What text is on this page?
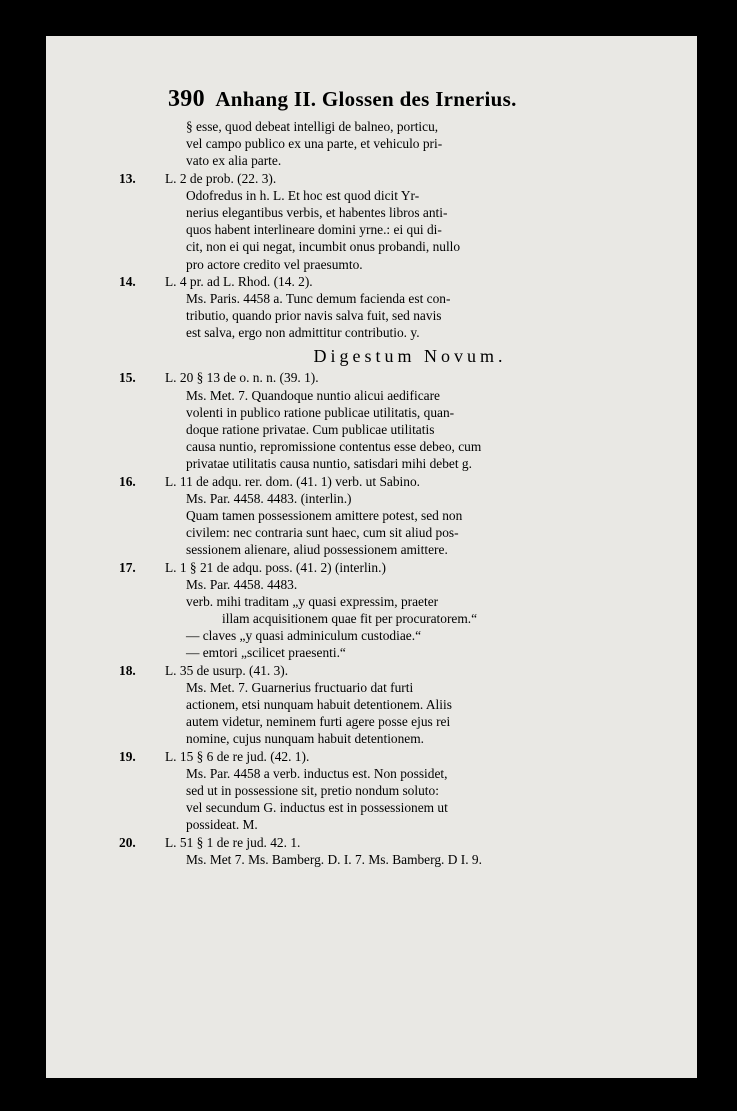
390 Anhang II. Glossen des Irnerius.
§ esse, quod debeat intelligi de balneo, porticu,
vel campo publico ex una parte, et vehiculo pri-
vato ex alia parte.
13. L. 2 de prob. (22. 3).
Odofredus in h. L. Et hoc est quod dicit Yr-
nerius elegantibus verbis, et habentes libros anti-
quos habent interlineare domini yrne.: ei qui di-
cit, non ei qui negat, incumbit onus probandi, nullo
pro actore credito vel praesumto.
14. L. 4 pr. ad L. Rhod. (14. 2).
Ms. Paris. 4458 a. Tunc demum facienda est con-
tributio, quando prior navis salva fuit, sed navis
est salva, ergo non admittitur contributio. y.
Digestum Novum.
15. L. 20 § 13 de o. n. n. (39. 1).
Ms. Met. 7. Quandoque nuntio alicui aedificare
volenti in publico ratione publicae utilitatis, quan-
doque ratione privatae. Cum publicae utilitatis
causa nuntio, repromissione contentus esse debeo, cum
privatae utilitatis causa nuntio, satisdari mihi debet g.
16. L. 11 de adqu. rer. dom. (41. 1) verb. ut Sabino.
Ms. Par. 4458. 4483. (interlin.)
Quam tamen possessionem amittere potest, sed non
civilem: nec contraria sunt haec, cum sit aliud pos-
sessionem alienare, aliud possessionem amittere.
17. L. 1 § 21 de adqu. poss. (41. 2) (interlin.)
Ms. Par. 4458. 4483.
verb. mihi traditam „y quasi expressim, praeter
illam acquisitionem quae fit per procuratorem.“
— claves „y quasi adminiculum custodiae.“
— emtori „scilicet praesenti.“
18. L. 35 de usurp. (41. 3).
Ms. Met. 7. Guarnerius fructuario dat furti
actionem, etsi nunquam habuit detentionem. Aliis
autem videtur, neminem furti agere posse ejus rei
nomine, cujus nunquam habuit detentionem.
19. L. 15 § 6 de re jud. (42. 1).
Ms. Par. 4458 a verb. inductus est. Non possidet,
sed ut in possessione sit, pretio nondum soluto:
vel secundum G. inductus est in possessionem ut
possideat. M.
20. L. 51 § 1 de re jud. 42. 1.
Ms. Met 7. Ms. Bamberg. D. I. 7. Ms. Bamberg. D I. 9.
